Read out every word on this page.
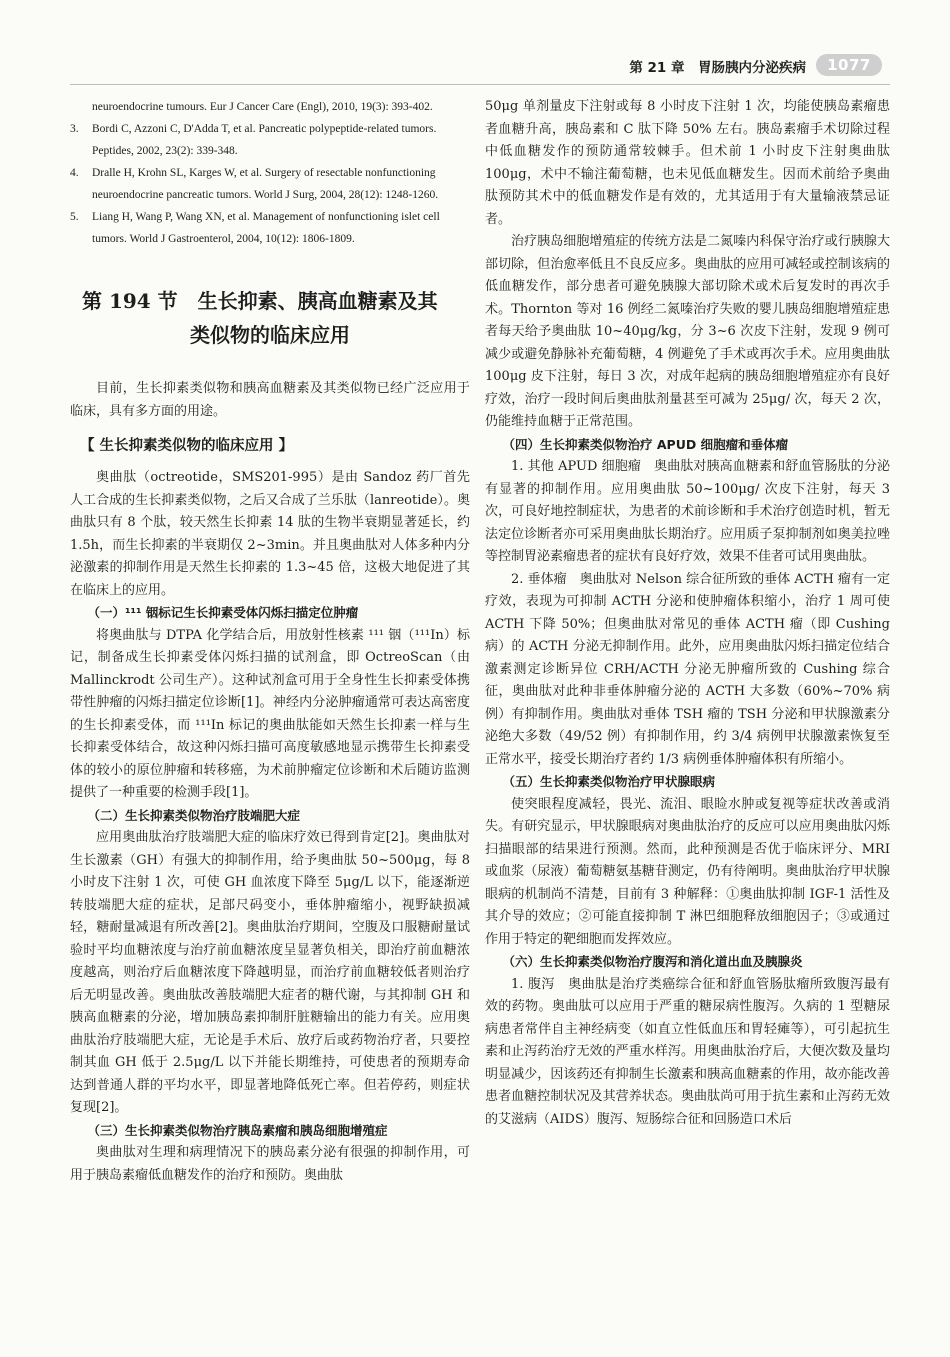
第 21 章　胃肠胰内分泌疾病	1077
neuroendocrine tumours. Eur J Cancer Care (Engl), 2010, 19(3): 393-402.
3. Bordi C, Azzoni C, D'Adda T, et al. Pancreatic polypeptide-related tumors. Peptides, 2002, 23(2): 339-348.
4. Dralle H, Krohn SL, Karges W, et al. Surgery of resectable nonfunctioning neuroendocrine pancreatic tumors. World J Surg, 2004, 28(12): 1248-1260.
5. Liang H, Wang P, Wang XN, et al. Management of nonfunctioning islet cell tumors. World J Gastroenterol, 2004, 10(12): 1806-1809.
第 194 节　生长抑素、胰高血糖素及其
类似物的临床应用

目前，生长抑素类似物和胰高血糖素及其类似物已经广泛应用于临床，具有多方面的用途。

【 生长抑素类似物的临床应用 】

奥曲肽（octreotide，SMS201-995）是由 Sandoz 药厂首先人工合成的生长抑素类似物，之后又合成了兰乐肽（lanreotide）。奥曲肽只有 8 个肽，较天然生长抑素 14 肽的生物半衰期显著延长，约 1.5h，而生长抑素的半衰期仅 2~3min。并且奥曲肽对人体多种内分泌激素的抑制作用是天然生长抑素的 1.3~45 倍，这极大地促进了其在临床上的应用。

（一）¹¹¹ 铟标记生长抑素受体闪烁扫描定位肿瘤

将奥曲肽与 DTPA 化学结合后，用放射性核素 ¹¹¹ 铟（¹¹¹In）标记，制备成生长抑素受体闪烁扫描的试剂盒，即 OctreoScan（由 Mallinckrodt 公司生产）。这种试剂盒可用于全身性生长抑素受体携带性肿瘤的闪烁扫描定位诊断[1]。神经内分泌肿瘤通常可表达高密度的生长抑素受体，而 ¹¹¹In 标记的奥曲肽能如天然生长抑素一样与生长抑素受体结合，故这种闪烁扫描可高度敏感地显示携带生长抑素受体的较小的原位肿瘤和转移癌，为术前肿瘤定位诊断和术后随访监测提供了一种重要的检测手段[1]。

（二）生长抑素类似物治疗肢端肥大症

应用奥曲肽治疗肢端肥大症的临床疗效已得到肯定[2]。奥曲肽对生长激素（GH）有强大的抑制作用，给予奥曲肽 50~500μg，每 8 小时皮下注射 1 次，可使 GH 血浓度下降至 5μg/L 以下，能逐渐逆转肢端肥大症的症状，足部尺码变小，垂体肿瘤缩小，视野缺损减轻，糖耐量减退有所改善[2]。奥曲肽治疗期间，空腹及口服糖耐量试验时平均血糖浓度与治疗前血糖浓度呈显著负相关，即治疗前血糖浓度越高，则治疗后血糖浓度下降越明显，而治疗前血糖较低者则治疗后无明显改善。奥曲肽改善肢端肥大症者的糖代谢，与其抑制 GH 和胰高血糖素的分泌，增加胰岛素抑制肝脏糖输出的能力有关。应用奥曲肽治疗肢端肥大症，无论是手术后、放疗后或药物治疗者，只要控制其血 GH 低于 2.5μg/L 以下并能长期维持，可使患者的预期寿命达到普通人群的平均水平，即显著地降低死亡率。但若停药，则症状复现[2]。

（三）生长抑素类似物治疗胰岛素瘤和胰岛细胞增殖症

奥曲肽对生理和病理情况下的胰岛素分泌有很强的抑制作用，可用于胰岛素瘤低血糖发作的治疗和预防。奥曲肽

50μg 单剂量皮下注射或每 8 小时皮下注射 1 次，均能使胰岛素瘤患者血糖升高，胰岛素和 C 肽下降 50% 左右。胰岛素瘤手术切除过程中低血糖发作的预防通常较棘手。但术前 1 小时皮下注射奥曲肽 100μg，术中不输注葡萄糖，也未见低血糖发生。因而术前给予奥曲肽预防其术中的低血糖发作是有效的，尤其适用于有大量输液禁忌证者。

治疗胰岛细胞增殖症的传统方法是二氮嗪内科保守治疗或行胰腺大部切除，但治愈率低且不良反应多。奥曲肽的应用可减轻或控制该病的低血糖发作，部分患者可避免胰腺大部切除术或术后复发时的再次手术。Thornton 等对 16 例经二氮嗪治疗失败的婴儿胰岛细胞增殖症患者每天给予奥曲肽 10~40μg/kg，分 3~6 次皮下注射，发现 9 例可减少或避免静脉补充葡萄糖，4 例避免了手术或再次手术。应用奥曲肽 100μg 皮下注射，每日 3 次，对成年起病的胰岛细胞增殖症亦有良好疗效，治疗一段时间后奥曲肽剂量甚至可减为 25μg/ 次，每天 2 次，仍能维持血糖于正常范围。

（四）生长抑素类似物治疗 APUD 细胞瘤和垂体瘤

1. 其他 APUD 细胞瘤　奥曲肽对胰高血糖素和舒血管肠肽的分泌有显著的抑制作用。应用奥曲肽 50~100μg/ 次皮下注射，每天 3 次，可良好地控制症状，为患者的术前诊断和手术治疗创造时机，暂无法定位诊断者亦可采用奥曲肽长期治疗。应用质子泵抑制剂如奥美拉唑等控制胃泌素瘤患者的症状有良好疗效，效果不佳者可试用奥曲肽。

2. 垂体瘤　奥曲肽对 Nelson 综合征所致的垂体 ACTH 瘤有一定疗效，表现为可抑制 ACTH 分泌和使肿瘤体积缩小，治疗 1 周可使 ACTH 下降 50%；但奥曲肽对常见的垂体 ACTH 瘤（即 Cushing 病）的 ACTH 分泌无抑制作用。此外，应用奥曲肽闪烁扫描定位结合激素测定诊断异位 CRH/ACTH 分泌无肿瘤所致的 Cushing 综合征，奥曲肽对此种非垂体肿瘤分泌的 ACTH 大多数（60%~70% 病例）有抑制作用。奥曲肽对垂体 TSH 瘤的 TSH 分泌和甲状腺激素分泌绝大多数（49/52 例）有抑制作用，约 3/4 病例甲状腺激素恢复至正常水平，接受长期治疗者约 1/3 病例垂体肿瘤体积有所缩小。

（五）生长抑素类似物治疗甲状腺眼病

使突眼程度减轻，畏光、流泪、眼睑水肿或复视等症状改善或消失。有研究显示，甲状腺眼病对奥曲肽治疗的反应可以应用奥曲肽闪烁扫描眼部的结果进行预测。然而，此种预测是否优于临床评分、MRI 或血浆（尿液）葡萄糖氨基糖苷测定，仍有待阐明。奥曲肽治疗甲状腺眼病的机制尚不清楚，目前有 3 种解释：①奥曲肽抑制 IGF-1 活性及其介导的效应；②可能直接抑制 T 淋巴细胞释放细胞因子；③或通过作用于特定的靶细胞而发挥效应。

（六）生长抑素类似物治疗腹泻和消化道出血及胰腺炎

1. 腹泻　奥曲肽是治疗类癌综合征和舒血管肠肽瘤所致腹泻最有效的药物。奥曲肽可以应用于严重的糖尿病性腹泻。久病的 1 型糖尿病患者常伴自主神经病变（如直立性低血压和胃轻瘫等），可引起抗生素和止泻药治疗无效的严重水样泻。用奥曲肽治疗后，大便次数及量均明显减少，因该药还有抑制生长激素和胰高血糖素的作用，故亦能改善患者血糖控制状况及其营养状态。奥曲肽尚可用于抗生素和止泻药无效的艾滋病（AIDS）腹泻、短肠综合征和回肠造口术后
